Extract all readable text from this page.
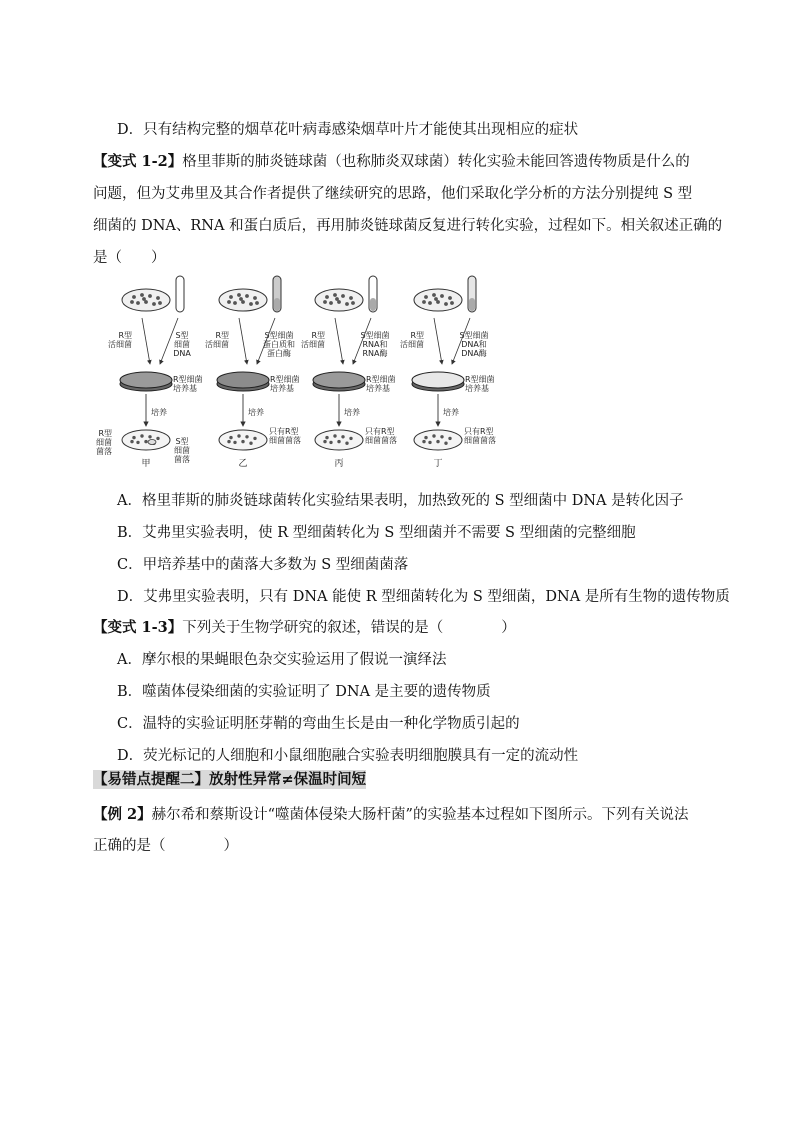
D．只有结构完整的烟草花叶病毒感染烟草叶片才能使其出现相应的症状
【变式 1-2】格里菲斯的肺炎链球菌（也称肺炎双球菌）转化实验未能回答遗传物质是什么的
问题，但为艾弗里及其合作者提供了继续研究的思路，他们采取化学分析的方法分别提纯 S 型
细菌的 DNA、RNA 和蛋白质后，再用肺炎链球菌反复进行转化实验，过程如下。相关叙述正确的
是（　　）
R型
活细菌
S型
细菌
DNA
R型细菌
培养基
培养
R型
细菌
菌落
S型
细菌
菌落
甲
R型
活细菌
S型细菌
蛋白质和
蛋白酶
R型细菌
培养基
培养
只有R型
细菌菌落
乙
R型
活细菌
S型细菌
RNA和
RNA酶
R型细菌
培养基
培养
只有R型
细菌菌落
丙
R型
活细菌
S型细菌
DNA和
DNA酶
R型细菌
培养基
培养
只有R型
细菌菌落
丁
A．格里菲斯的肺炎链球菌转化实验结果表明，加热致死的 S 型细菌中 DNA 是转化因子
B．艾弗里实验表明，使 R 型细菌转化为 S 型细菌并不需要 S 型细菌的完整细胞
C．甲培养基中的菌落大多数为 S 型细菌菌落
D．艾弗里实验表明，只有 DNA 能使 R 型细菌转化为 S 型细菌，DNA 是所有生物的遗传物质
【变式 1-3】下列关于生物学研究的叙述，错误的是（　　　　）
A．摩尔根的果蝇眼色杂交实验运用了假说一演绎法
B．噬菌体侵染细菌的实验证明了 DNA 是主要的遗传物质
C．温特的实验证明胚芽鞘的弯曲生长是由一种化学物质引起的
D．荧光标记的人细胞和小鼠细胞融合实验表明细胞膜具有一定的流动性
【易错点提醒二】放射性异常≠保温时间短
【例 2】赫尔希和蔡斯设计“噬菌体侵染大肠杆菌”的实验基本过程如下图所示。下列有关说法
正确的是（　　　　）
